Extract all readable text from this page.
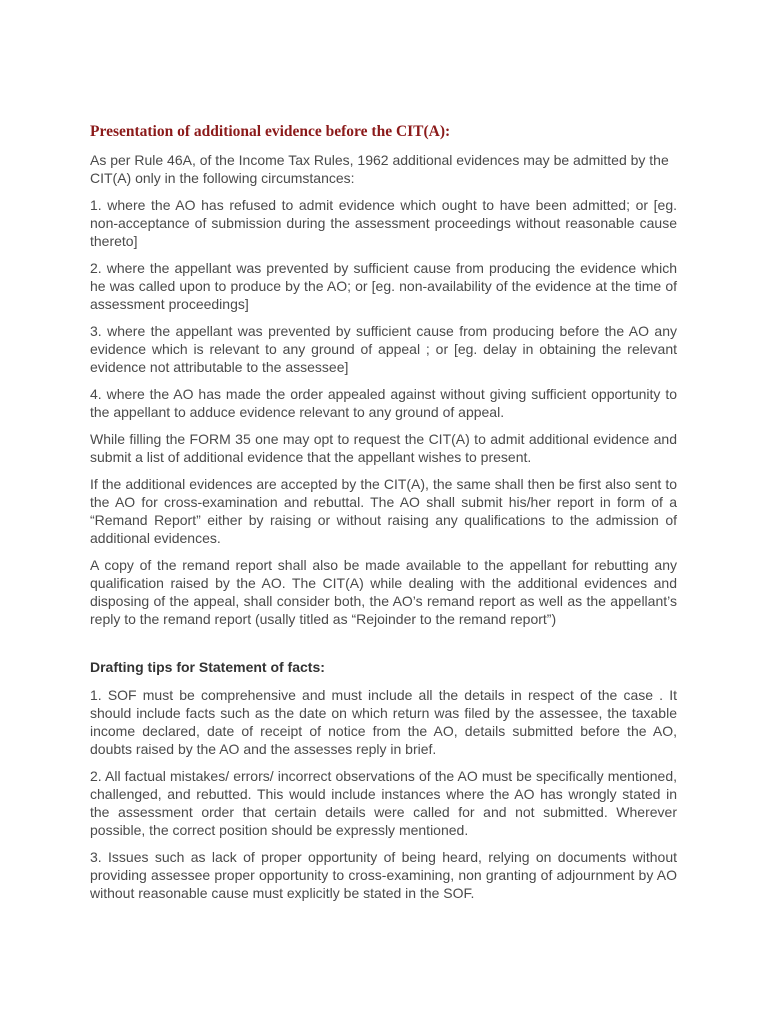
Presentation of additional evidence before the CIT(A):

As per Rule 46A, of the Income Tax Rules, 1962 additional evidences may be admitted by the CIT(A) only in the following circumstances:

1. where the AO has refused to admit evidence which ought to have been admitted; or [eg. non-acceptance of submission during the assessment proceedings without reasonable cause thereto]

2. where the appellant was prevented by sufficient cause from producing the evidence which he was called upon to produce by the AO; or [eg. non-availability of the evidence at the time of assessment proceedings]

3. where the appellant was prevented by sufficient cause from producing before the AO any evidence which is relevant to any ground of appeal ; or [eg. delay in obtaining the relevant evidence not attributable to the assessee]

4. where the AO has made the order appealed against without giving sufficient opportunity to the appellant to adduce evidence relevant to any ground of appeal.

While filling the FORM 35 one may opt to request the CIT(A) to admit additional evidence and submit a list of additional evidence that the appellant wishes to present.

If the additional evidences are accepted by the CIT(A), the same shall then be first also sent to the AO for cross-examination and rebuttal. The AO shall submit his/her report in form of a “Remand Report” either by raising or without raising any qualifications to the admission of additional evidences.

A copy of the remand report shall also be made available to the appellant for rebutting any qualification raised by the AO. The CIT(A) while dealing with the additional evidences and disposing of the appeal, shall consider both, the AO’s remand report as well as the appellant’s reply to the remand report (usally titled as “Rejoinder to the remand report”)

Drafting tips for Statement of facts:

1. SOF must be comprehensive and must include all the details in respect of the case . It should include facts such as the date on which return was filed by the assessee, the taxable income declared, date of receipt of notice from the AO, details submitted before the AO, doubts raised by the AO and the assesses reply in brief.

2. All factual mistakes/ errors/ incorrect observations of the AO must be specifically mentioned, challenged, and rebutted. This would include instances where the AO has wrongly stated in the assessment order that certain details were called for and not submitted. Wherever possible, the correct position should be expressly mentioned.

3. Issues such as lack of proper opportunity of being heard, relying on documents without providing assessee proper opportunity to cross-examining, non granting of adjournment by AO without reasonable cause must explicitly be stated in the SOF.
